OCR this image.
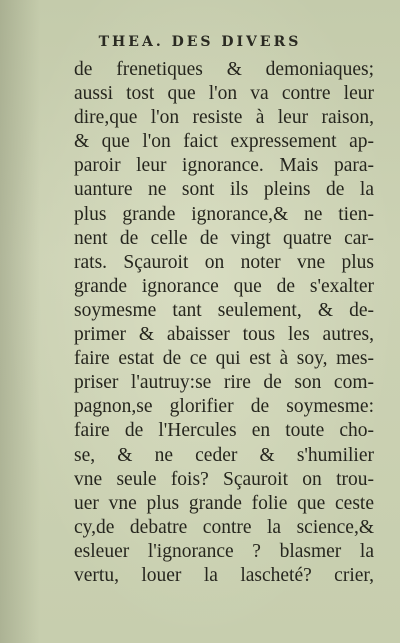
THEA. DES DIVERS
de frenetiques & demoniaques;
aussi tost que l'on va contre leur
dire,que l'on resiste à leur raison,
& que l'on faict expressement ap-
paroir leur ignorance. Mais para-
uanture ne sont ils pleins de la
plus grande ignorance,& ne tien-
nent de celle de vingt quatre car-
rats. Sçauroit on noter vne plus
grande ignorance que de s'exalter
soymesme tant seulement, & de-
primer & abaisser tous les autres,
faire estat de ce qui est à soy, mes-
priser l'autruy:se rire de son com-
pagnon,se glorifier de soymesme:
faire de l'Hercules en toute cho-
se, & ne ceder & s'humilier
vne seule fois? Sçauroit on trou-
uer vne plus grande folie que ceste
cy,de debatre contre la science,&
esleuer l'ignorance ? blasmer la
vertu, louer la lascheté? crier,
